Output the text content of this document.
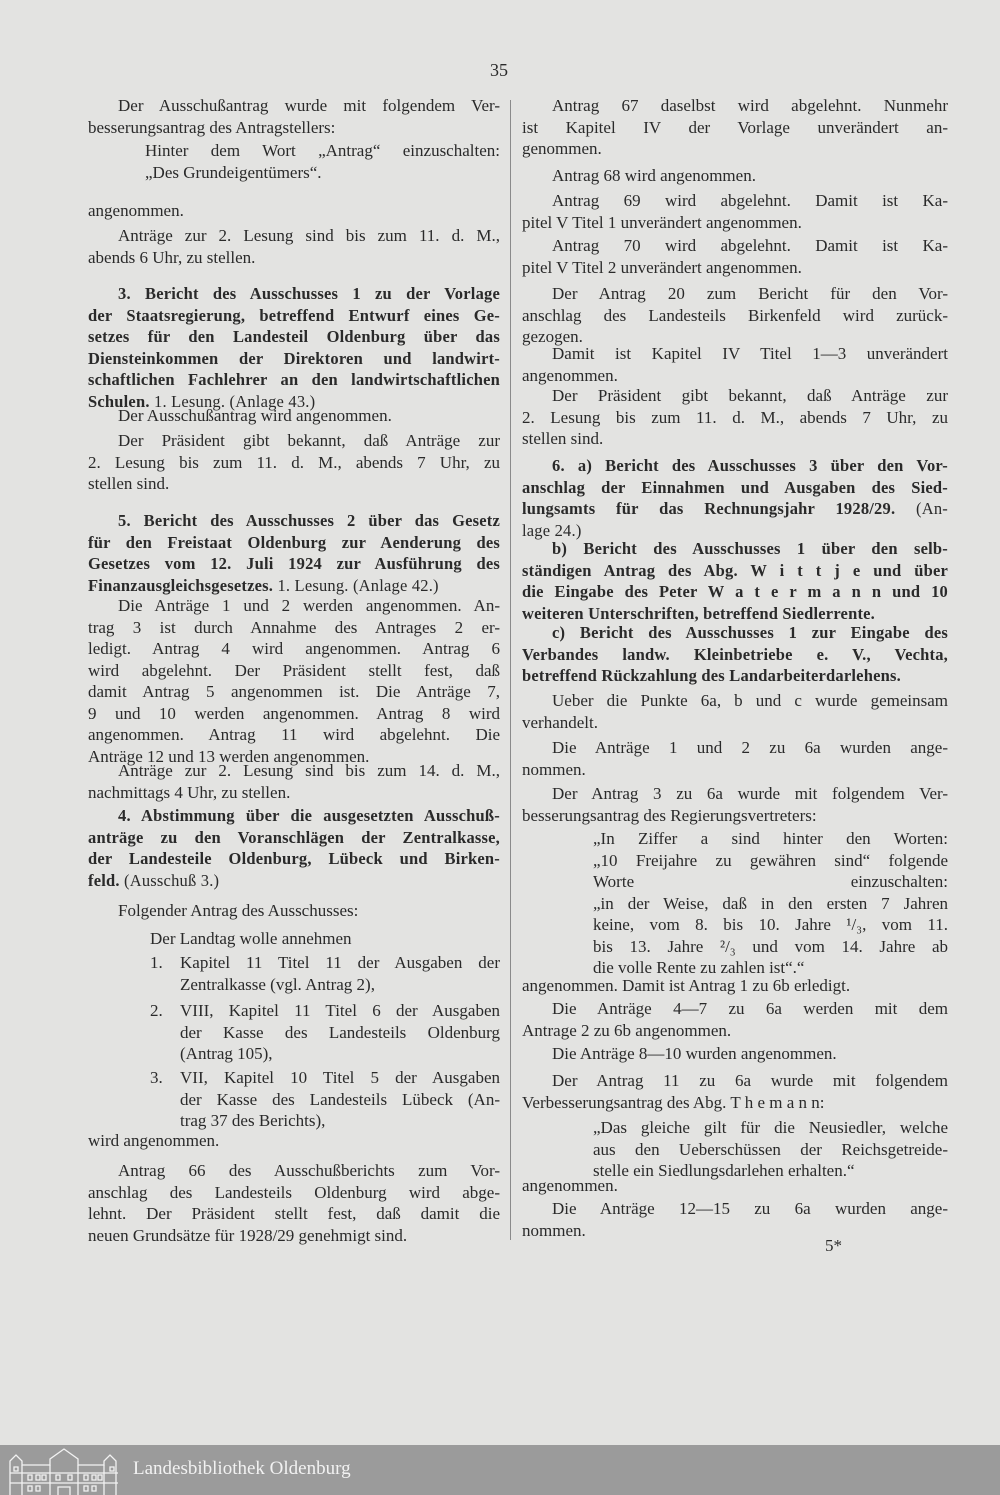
35
Der Ausschußantrag wurde mit folgendem Ver-
besserungsantrag des Antragstellers:
Hinter dem Wort „Antrag“ einzuschalten:
„Des Grundeigentümers“.
angenommen.
Anträge zur 2. Lesung sind bis zum 11. d. M.,
abends 6 Uhr, zu stellen.
3. Bericht des Ausschusses 1 zu der Vorlage
der Staatsregierung, betreffend Entwurf eines Ge-
setzes für den Landesteil Oldenburg über das
Diensteinkommen der Direktoren und landwirt-
schaftlichen Fachlehrer an den landwirtschaftlichen
Schulen. 1. Lesung. (Anlage 43.)
Der Ausschußantrag wird angenommen.
Der Präsident gibt bekannt, daß Anträge zur
2. Lesung bis zum 11. d. M., abends 7 Uhr, zu
stellen sind.
5. Bericht des Ausschusses 2 über das Gesetz
für den Freistaat Oldenburg zur Aenderung des
Gesetzes vom 12. Juli 1924 zur Ausführung des
Finanzausgleichsgesetzes. 1. Lesung. (Anlage 42.)
Die Anträge 1 und 2 werden angenommen. An-
trag 3 ist durch Annahme des Antrages 2 er-
ledigt. Antrag 4 wird angenommen. Antrag 6
wird abgelehnt. Der Präsident stellt fest, daß
damit Antrag 5 angenommen ist. Die Anträge 7,
9 und 10 werden angenommen. Antrag 8 wird
angenommen. Antrag 11 wird abgelehnt. Die
Anträge 12 und 13 werden angenommen.
Anträge zur 2. Lesung sind bis zum 14. d. M.,
nachmittags 4 Uhr, zu stellen.
4. Abstimmung über die ausgesetzten Ausschuß-
anträge zu den Voranschlägen der Zentralkasse,
der Landesteile Oldenburg, Lübeck und Birken-
feld. (Ausschuß 3.)
Folgender Antrag des Ausschusses:
Der Landtag wolle annehmen
1. Kapitel 11 Titel 11 der Ausgaben der
Zentralkasse (vgl. Antrag 2),
2. VIII, Kapitel 11 Titel 6 der Ausgaben
der Kasse des Landesteils Oldenburg
(Antrag 105),
3. VII, Kapitel 10 Titel 5 der Ausgaben
der Kasse des Landesteils Lübeck (An-
trag 37 des Berichts),
wird angenommen.
Antrag 66 des Ausschußberichts zum Vor-
anschlag des Landesteils Oldenburg wird abge-
lehnt. Der Präsident stellt fest, daß damit die
neuen Grundsätze für 1928/29 genehmigt sind.
Antrag 67 daselbst wird abgelehnt. Nunmehr
ist Kapitel IV der Vorlage unverändert an-
genommen.
Antrag 68 wird angenommen.
Antrag 69 wird abgelehnt. Damit ist Ka-
pitel V Titel 1 unverändert angenommen.
Antrag 70 wird abgelehnt. Damit ist Ka-
pitel V Titel 2 unverändert angenommen.
Der Antrag 20 zum Bericht für den Vor-
anschlag des Landesteils Birkenfeld wird zurück-
gezogen.
Damit ist Kapitel IV Titel 1—3 unverändert
angenommen.
Der Präsident gibt bekannt, daß Anträge zur
2. Lesung bis zum 11. d. M., abends 7 Uhr, zu
stellen sind.
6. a) Bericht des Ausschusses 3 über den Vor-
anschlag der Einnahmen und Ausgaben des Sied-
lungsamts für das Rechnungsjahr 1928/29. (An-
lage 24.)
b) Bericht des Ausschusses 1 über den selb-
ständigen Antrag des Abg. W i t t j e und über
die Eingabe des Peter W a t e r m a n n und 10
weiteren Unterschriften, betreffend Siedlerrente.
c) Bericht des Ausschusses 1 zur Eingabe des
Verbandes landw. Kleinbetriebe e. V., Vechta,
betreffend Rückzahlung des Landarbeiterdarlehens.
Ueber die Punkte 6a, b und c wurde gemeinsam
verhandelt.
Die Anträge 1 und 2 zu 6a wurden ange-
nommen.
Der Antrag 3 zu 6a wurde mit folgendem Ver-
besserungsantrag des Regierungsvertreters:
„In Ziffer a sind hinter den Worten:
„10 Freijahre zu gewähren sind“ folgende
Worte einzuschalten:
„in der Weise, daß in den ersten 7 Jahren
keine, vom 8. bis 10. Jahre ¹/₃, vom 11.
bis 13. Jahre ²/₃ und vom 14. Jahre ab
die volle Rente zu zahlen ist“.“
angenommen. Damit ist Antrag 1 zu 6b erledigt.
Die Anträge 4—7 zu 6a werden mit dem
Antrage 2 zu 6b angenommen.
Die Anträge 8—10 wurden angenommen.
Der Antrag 11 zu 6a wurde mit folgendem
Verbesserungsantrag des Abg. T h e m a n n:
„Das gleiche gilt für die Neusiedler, welche
aus den Ueberschüssen der Reichsgetreide-
stelle ein Siedlungsdarlehen erhalten.“
angenommen.
Die Anträge 12—15 zu 6a wurden ange-
nommen.
5*
Landesbibliothek Oldenburg
